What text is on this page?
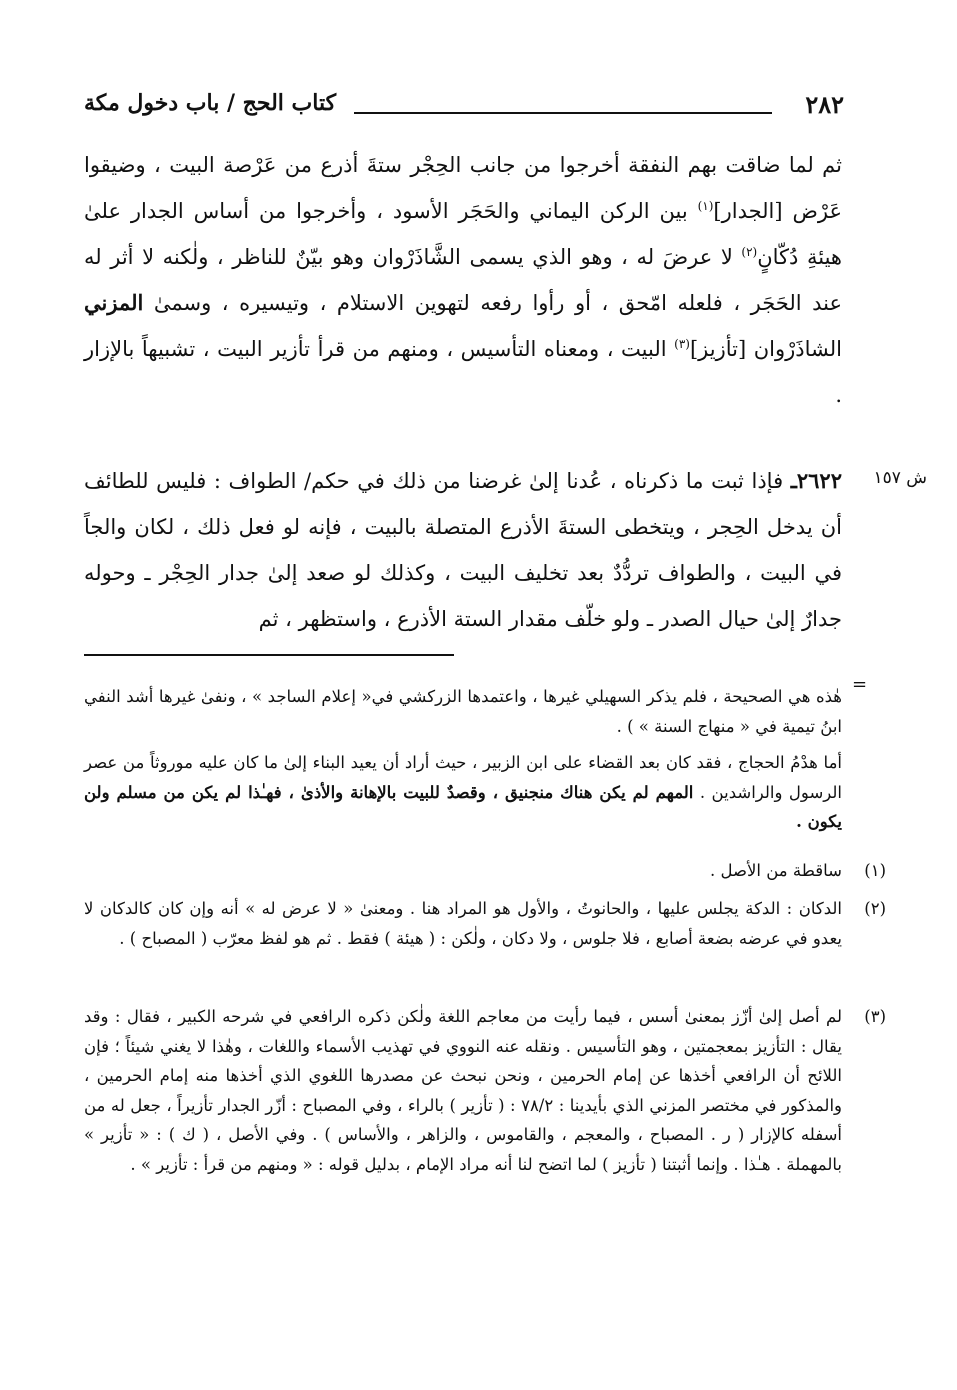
٢٨٢
كتاب الحج / باب دخول مكة

ثم لما ضاقت بهم النفقة أخرجوا من جانب الحِجْر ستةَ أذرع من عَرْصة البيت ، وضيقوا عَرْض [الجدار]$^{(١)}$ بين الركن اليماني والحَجَر الأسود ، وأخرجوا من أساس الجدار علىٰ هيئةِ دُكّانٍ$^{(٢)}$ لا عرضَ له ، وهو الذي يسمى الشَّاذَرْوان وهو بيّنٌ للناظر ، ولٰكنه لا أثر له عند الحَجَر ، فلعله امّحق ، أو رأوا رفعه لتهوين الاستلام ، وتيسيره ، وسمىٰ المزني الشاذَرْوان [تأزيز]$^{(٣)}$ البيت ، ومعناه التأسيس ، ومنهم من قرأ تأزير البيت ، تشبيهاً بالإزار .

ش ١٥٧

٢٦٢٢ـ فإذا ثبت ما ذكرناه ، عُدنا إلىٰ غرضنا من ذلك في حكم/ الطواف : فليس للطائف أن يدخل الحِجر ، ويتخطى الستةَ الأذرع المتصلة بالبيت ، فإنه لو فعل ذلك ، لكان والجاً في البيت ، والطواف تردُّدٌ بعد تخليف البيت ، وكذلك لو صعد إلىٰ جدار الحِجْر ـ وحوله جدارٌ إلىٰ حيال الصدر ـ ولو خلّف مقدار الستة الأذرع ، واستظهر ، ثم

=
هٰذه هي الصحيحة ، فلم يذكر السهيلي غيرها ، واعتمدها الزركشي في« إعلام الساجد » ، ونفىٰ غيرها أشد النفي ابنُ تيمية في « منهاج السنة » ) .
أما هدْمُ الحجاج ، فقد كان بعد القضاء على ابن الزبير ، حيث أراد أن يعيد البناء إلىٰ ما كان عليه موروثاً من عصر الرسول والراشدين . المهم لم يكن هناك منجنيق ، وقصدٌ للبيت بالإهانة والأذىٰ ، فهـٰذا لم يكن من مسلم ولن يكون .
(١)
ساقطة من الأصل .
(٢)
الدكان : الدكة يجلس عليها ، والحانوتُ ، والأول هو المراد هنا . ومعنىٰ « لا عرض له » أنه وإن كان كالدكان لا يعدو في عرضه بضعة أصابع ، فلا جلوس ، ولا دكان ، ولٰكن : ( هيئة ) فقط . ثم هو لفظ معرّب ( المصباح ) .
(٣)
لم أصل إلىٰ أزّز بمعنىٰ أسس ، فيما رأيت من معاجم اللغة ولٰكن ذكره الرافعي في شرحه الكبير ، فقال : وقد يقال : التأزيز بمعجمتين ، وهو التأسيس . ونقله عنه النووي في تهذيب الأسماء واللغات ، وهٰذا لا يغني شيئاً ؛ فإن اللائح أن الرافعي أخذها عن إمام الحرمين ، ونحن نبحث عن مصدرها اللغوي الذي أخذها منه إمام الحرمين ، والمذكور في مختصر المزني الذي بأيدينا : ٧٨/٢ : ( تأزير ) بالراء ، وفي المصباح : أزّر الجدار تأزيراً ، جعل له من أسفله كالإزار ( ر . المصباح ، والمعجم ، والقاموس ، والزاهر ، والأساس ) . وفي الأصل ، ( ك ) : « تأزير » بالمهملة . هـٰذا . وإنما أثبتنا ( تأزيز ) لما اتضح لنا أنه مراد الإمام ، بدليل قوله : « ومنهم من قرأ : تأزير » .
